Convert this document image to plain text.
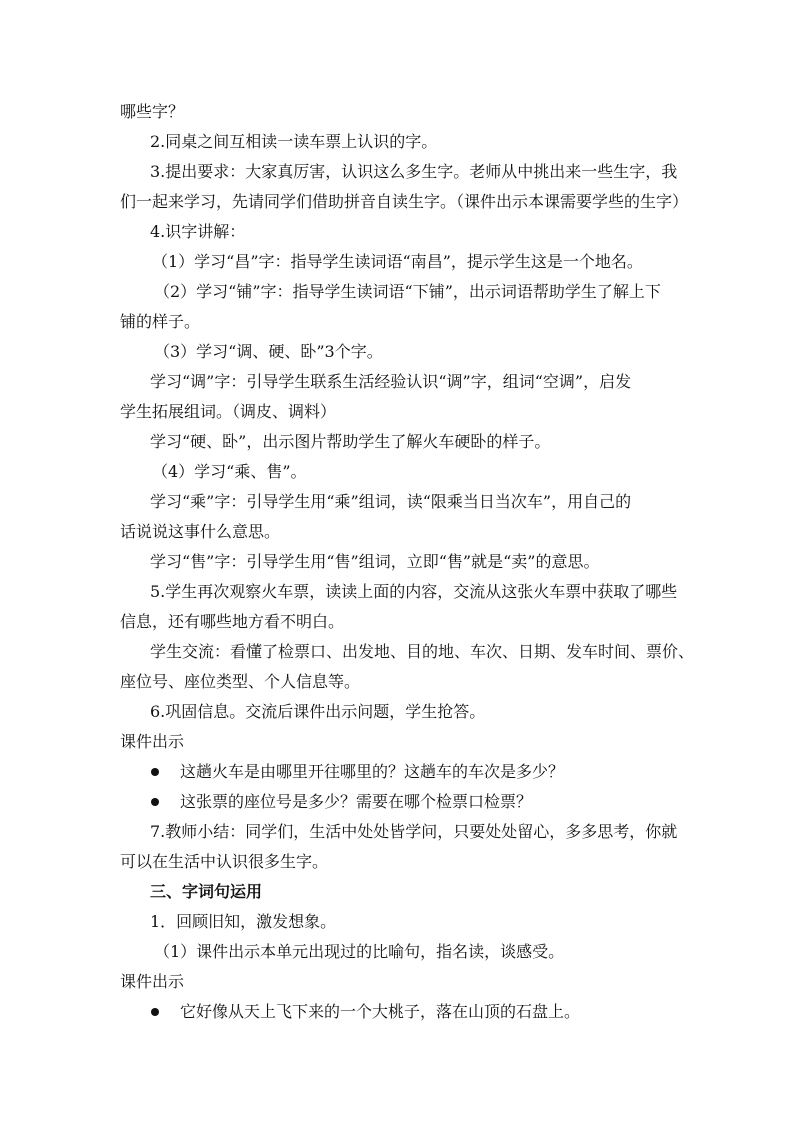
哪些字？
2.同桌之间互相读一读车票上认识的字。
3.提出要求：大家真厉害，认识这么多生字。老师从中挑出来一些生字，我
们一起来学习，先请同学们借助拼音自读生字。（课件出示本课需要学些的生字）
4.识字讲解：
（1）学习“昌”字：指导学生读词语“南昌”，提示学生这是一个地名。
（2）学习“铺”字：指导学生读词语“下铺”，出示词语帮助学生了解上下
铺的样子。
（3）学习“调、硬、卧”3个字。
学习“调”字：引导学生联系生活经验认识“调”字，组词“空调”，启发
学生拓展组词。（调皮、调料）
学习“硬、卧”，出示图片帮助学生了解火车硬卧的样子。
（4）学习“乘、售”。
学习“乘”字：引导学生用“乘”组词，读“限乘当日当次车”，用自己的
话说说这事什么意思。
学习“售”字：引导学生用“售”组词，立即“售”就是“卖”的意思。
5.学生再次观察火车票，读读上面的内容，交流从这张火车票中获取了哪些
信息，还有哪些地方看不明白。
学生交流：看懂了检票口、出发地、目的地、车次、日期、发车时间、票价、
座位号、座位类型、个人信息等。
6.巩固信息。交流后课件出示问题，学生抢答。
课件出示
这趟火车是由哪里开往哪里的？这趟车的车次是多少？
这张票的座位号是多少？需要在哪个检票口检票？
7.教师小结：同学们，生活中处处皆学问，只要处处留心，多多思考，你就
可以在生活中认识很多生字。
三、字词句运用
1．回顾旧知，激发想象。
（1）课件出示本单元出现过的比喻句，指名读，谈感受。
课件出示
它好像从天上飞下来的一个大桃子，落在山顶的石盘上。
